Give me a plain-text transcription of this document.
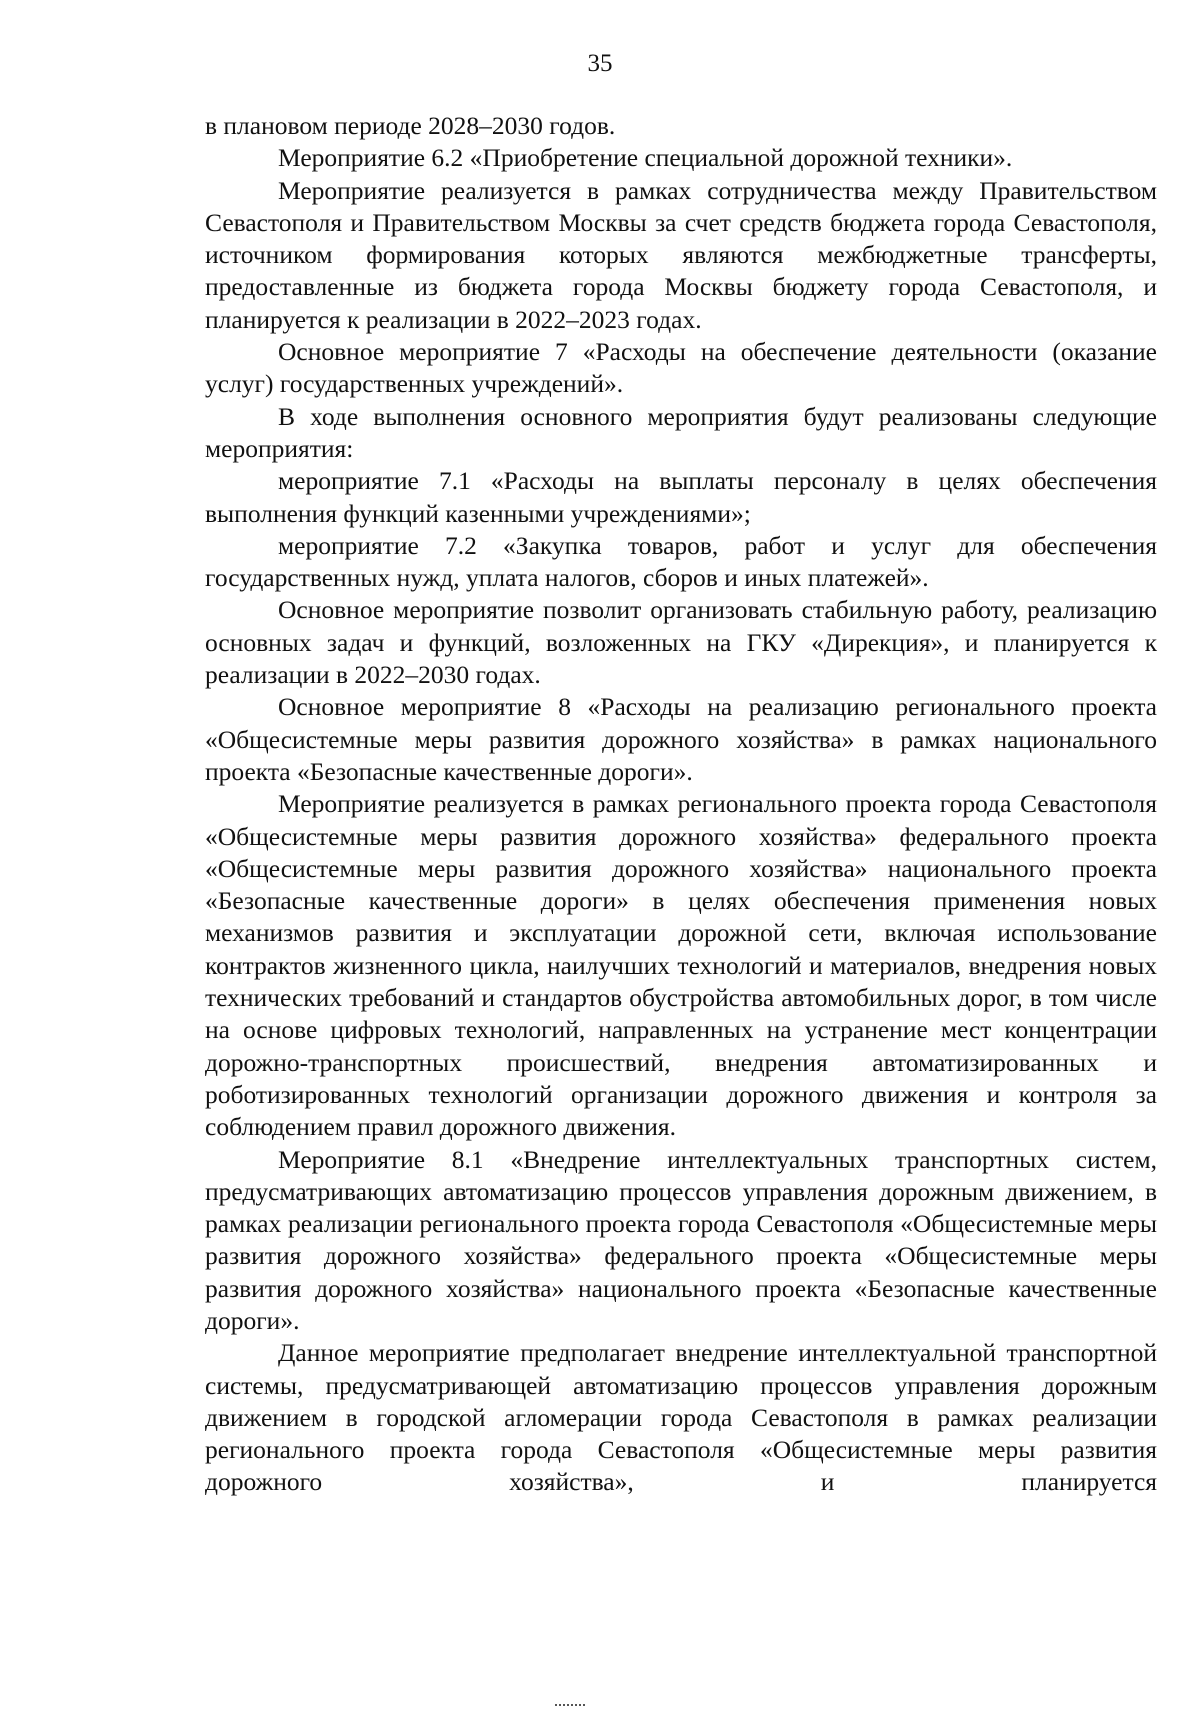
35

в плановом периоде 2028–2030 годов.

Мероприятие 6.2 «Приобретение специальной дорожной техники».

Мероприятие реализуется в рамках сотрудничества между Правительством Севастополя и Правительством Москвы за счет средств бюджета города Севастополя, источником формирования которых являются межбюджетные трансферты, предоставленные из бюджета города Москвы бюджету города Севастополя, и планируется к реализации в 2022–2023 годах.

Основное мероприятие 7 «Расходы на обеспечение деятельности (оказание услуг) государственных учреждений».

В ходе выполнения основного мероприятия будут реализованы следующие мероприятия:

мероприятие 7.1 «Расходы на выплаты персоналу в целях обеспечения выполнения функций казенными учреждениями»;

мероприятие 7.2 «Закупка товаров, работ и услуг для обеспечения государственных нужд, уплата налогов, сборов и иных платежей».

Основное мероприятие позволит организовать стабильную работу, реализацию основных задач и функций, возложенных на ГКУ «Дирекция», и планируется к реализации в 2022–2030 годах.

Основное мероприятие 8 «Расходы на реализацию регионального проекта «Общесистемные меры развития дорожного хозяйства» в рамках национального проекта «Безопасные качественные дороги».

Мероприятие реализуется в рамках регионального проекта города Севастополя «Общесистемные меры развития дорожного хозяйства» федерального проекта «Общесистемные меры развития дорожного хозяйства» национального проекта «Безопасные качественные дороги» в целях обеспечения применения новых механизмов развития и эксплуатации дорожной сети, включая использование контрактов жизненного цикла, наилучших технологий и материалов, внедрения новых технических требований и стандартов обустройства автомобильных дорог, в том числе на основе цифровых технологий, направленных на устранение мест концентрации дорожно-транспортных происшествий, внедрения автоматизированных и роботизированных технологий организации дорожного движения и контроля за соблюдением правил дорожного движения.

Мероприятие 8.1 «Внедрение интеллектуальных транспортных систем, предусматривающих автоматизацию процессов управления дорожным движением, в рамках реализации регионального проекта города Севастополя «Общесистемные меры развития дорожного хозяйства» федерального проекта «Общесистемные меры развития дорожного хозяйства» национального проекта «Безопасные качественные дороги».

Данное мероприятие предполагает внедрение интеллектуальной транспортной системы, предусматривающей автоматизацию процессов управления дорожным движением в городской агломерации города Севастополя в рамках реализации регионального проекта города Севастополя «Общесистемные меры развития дорожного хозяйства», и планируется
